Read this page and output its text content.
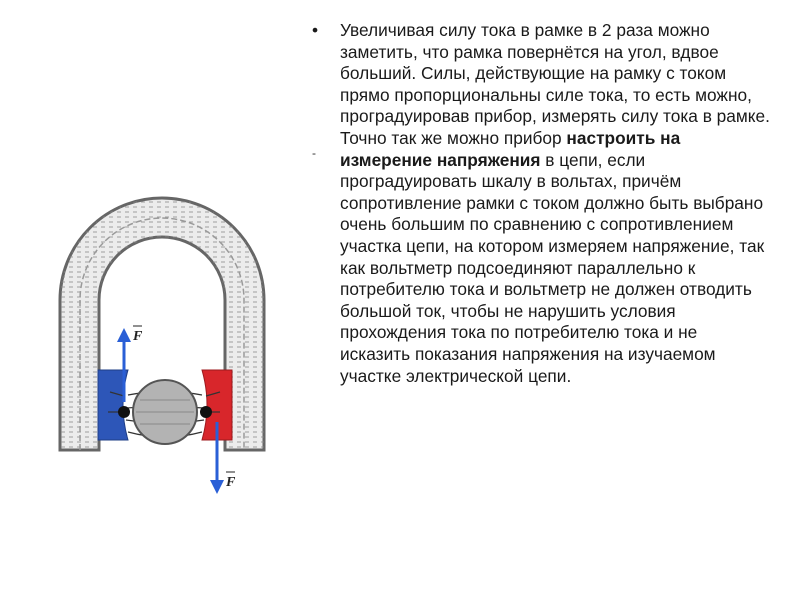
F
F
-
• Увеличивая силу тока в рамке в 2 раза можно заметить, что рамка повернётся на угол, вдвое больший. Силы, действующие на рамку с током прямо пропорциональны силе тока, то есть можно, проградуировав прибор, измерять силу тока в рамке. Точно так же можно прибор настроить на измерение напряжения в цепи, если проградуировать шкалу в вольтах, причём сопротивление рамки с током должно быть выбрано очень большим по сравнению с сопротивлением участка цепи, на котором измеряем напряжение, так как вольтметр подсоединяют параллельно к потребителю тока и вольтметр не должен отводить большой ток, чтобы не нарушить условия прохождения тока по потребителю тока и не исказить показания напряжения на изучаемом участке электрической цепи.
